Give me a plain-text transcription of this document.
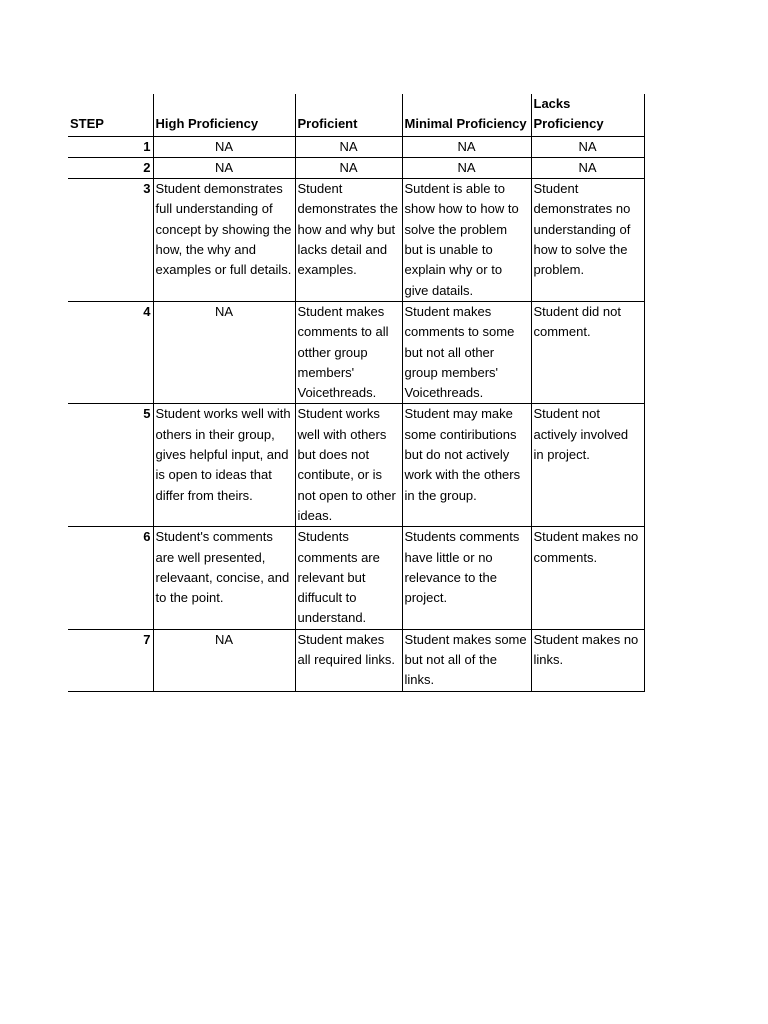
STEP	High Proficiency	Proficient	Minimal Proficiency	Lacks Proficiency
1	NA	NA	NA	NA
2	NA	NA	NA	NA
3	Student demonstrates full understanding of concept by showing the how, the why and examples or full details.	Student demonstrates the how and why but lacks detail and examples.	Sutdent is able to show how to how to solve the problem but is unable to explain why or to give datails.	Student demonstrates no understanding of how to solve the problem.
4	NA	Student makes comments to all otther group members' Voicethreads.	Student makes comments to some but not all other group members' Voicethreads.	Student did not comment.
5	Student works well with others in their group, gives helpful input, and is open to ideas that differ from theirs.	Student works well with others but does not contibute, or is not open to other ideas.	Student may make some contiributions but do not actively work with the others in the group.	Student not actively involved in project.
6	Student's comments are well presented, relevaant, concise, and to the point.	Students comments are relevant but diffucult to understand.	Students comments have little or no relevance to the project.	Student makes no comments.
7	NA	Student makes all required links.	Student makes some but not all of the links.	Student makes no links.
